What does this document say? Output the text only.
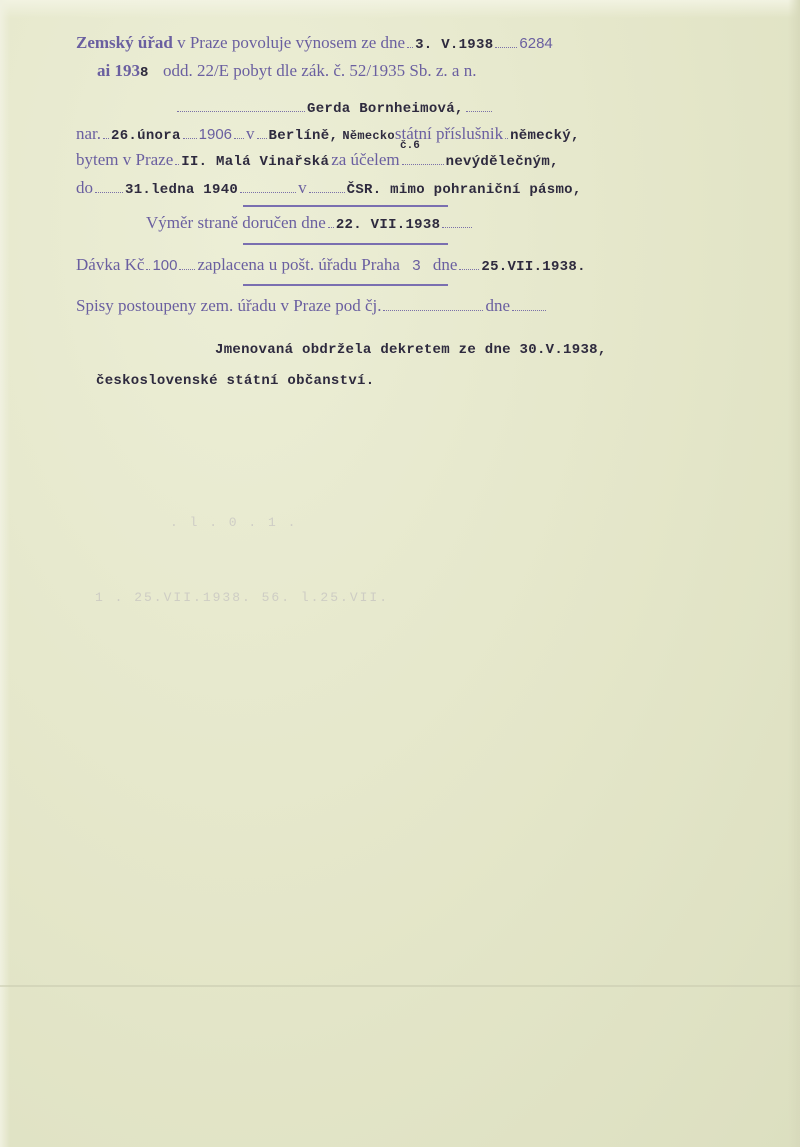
. l . 0 . 1 .
1 . 25.VII.1938. 56. l.25.VII.
Zemský úřad v Praze povoluje výnosem ze dne 3. V.1938 6284
ai 1938 odd. 22/E pobyt dle zák. č. 52/1935 Sb. z. a n.
Gerda Bornheimová,
nar. 26.února 1906 v Berlíně, Německostátní příslušnik německý,
č.6
bytem v Praze II. Malá Vinařská za účelem	nevýdělečným,
do 31.ledna 1940	v	ČSR. mimo pohraniční pásmo,
Výměr straně doručen dne 22. VII.1938
Dávka Kč 100 zaplacena u pošt. úřadu Praha 3 dne 25.VII.1938.
Spisy postoupeny zem. úřadu v Praze pod čj.	dne
Jmenovaná obdržela dekretem ze dne 30.V.1938,
československé státní občanství.
